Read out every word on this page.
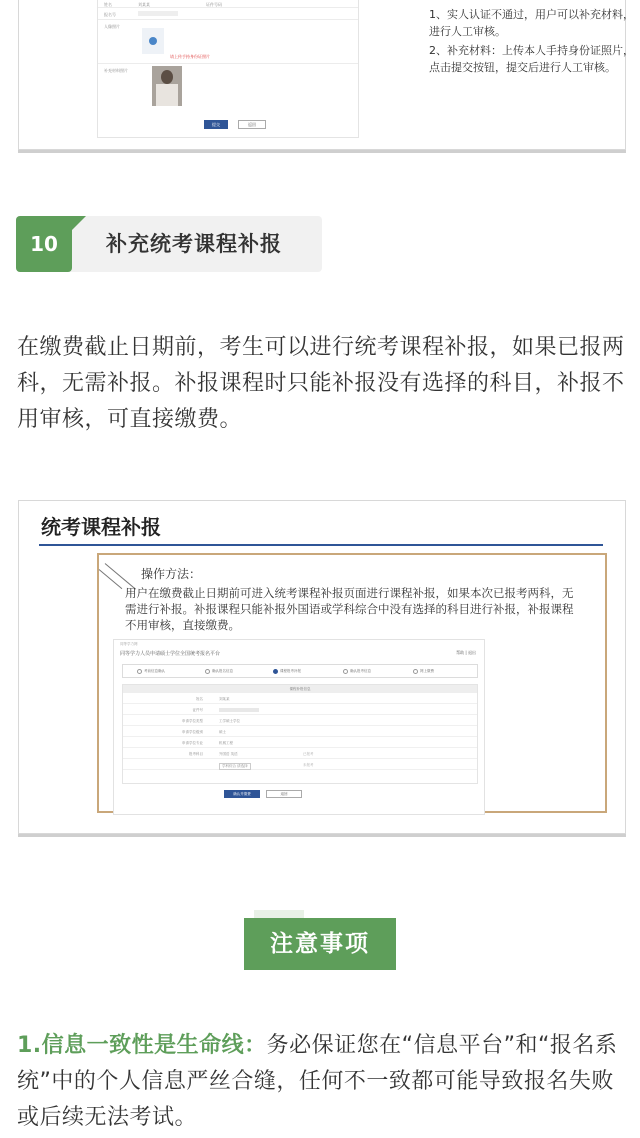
姓名	刘某某	证件号码
报名号
人像照片
请上传手持身份证照片
补充材料照片
提交	返回

1、实人认证不通过，用户可以补充材料，进行人工审核。

2、补充材料：上传本人手持身份证照片，点击提交按钮，提交后进行人工审核。

10	补充统考课程补报
在缴费截止日期前，考生可以进行统考课程补报，如果已报两科，无需补报。补报课程时只能补报没有选择的科目，补报不用审核，可直接缴费。
统考课程补报
操作方法：
用户在缴费截止日期前可进入统考课程补报页面进行课程补报，如果本次已报考两科，无需进行补报。补报课程只能补报外国语或学科综合中没有选择的科目进行补报，补报课程不用审核，直接缴费。
同等学力网
同等学力人员申请硕士学位全国统考报名平台	帮助 | 退出
考前信息确认	确认报名信息	课程报考补报	确认报考信息	网上缴费
课程补报信息
姓名	刘某某
证件号
申请学位类型	工学硕士学位
申请学位级别	硕士
申请学位专业	机械工程
报考科目	外国语 英语	已报考
学科综合 请选择	未报考
确认并缴费	返回
注意事项
1.信息一致性是生命线：务必保证您在“信息平台”和“报名系统”中的个人信息严丝合缝，任何不一致都可能导致报名失败或后续无法考试。
